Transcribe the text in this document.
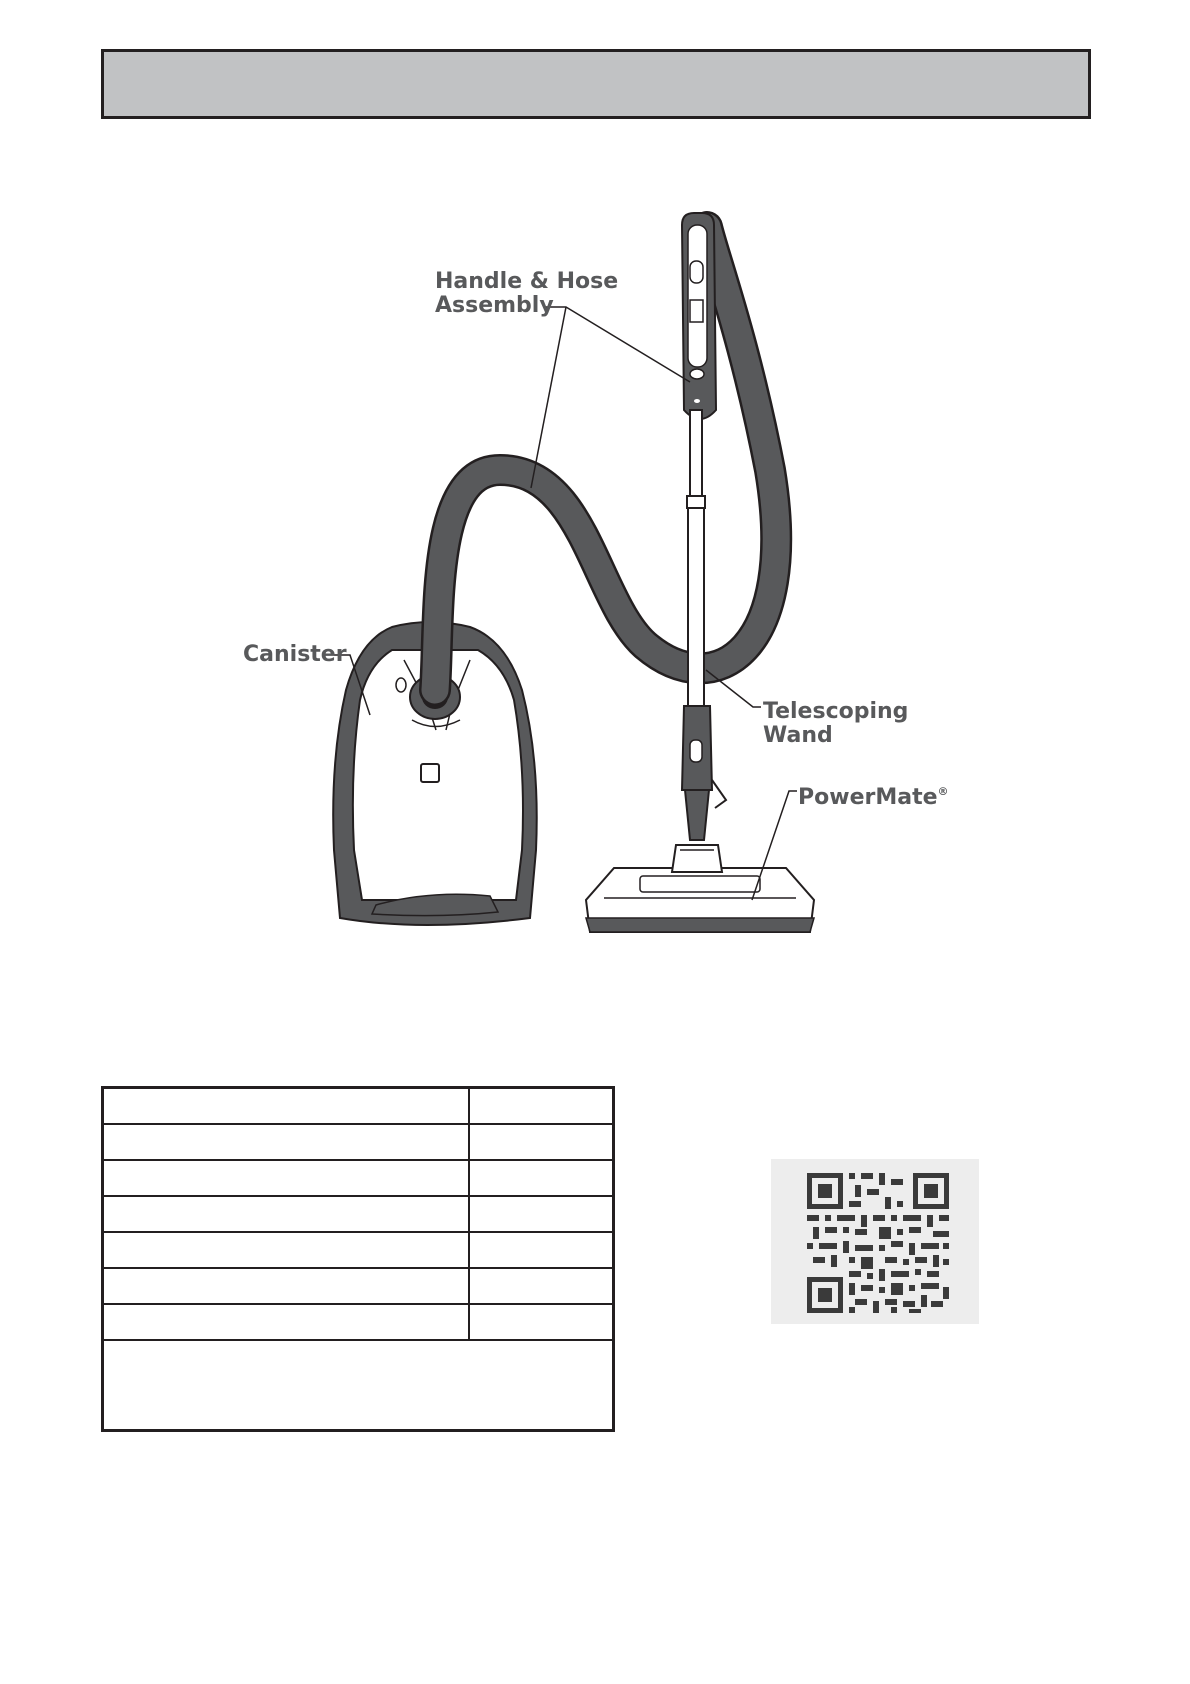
Handle & Hose
Assembly
Canister
Telescoping
Wand
PowerMate®
